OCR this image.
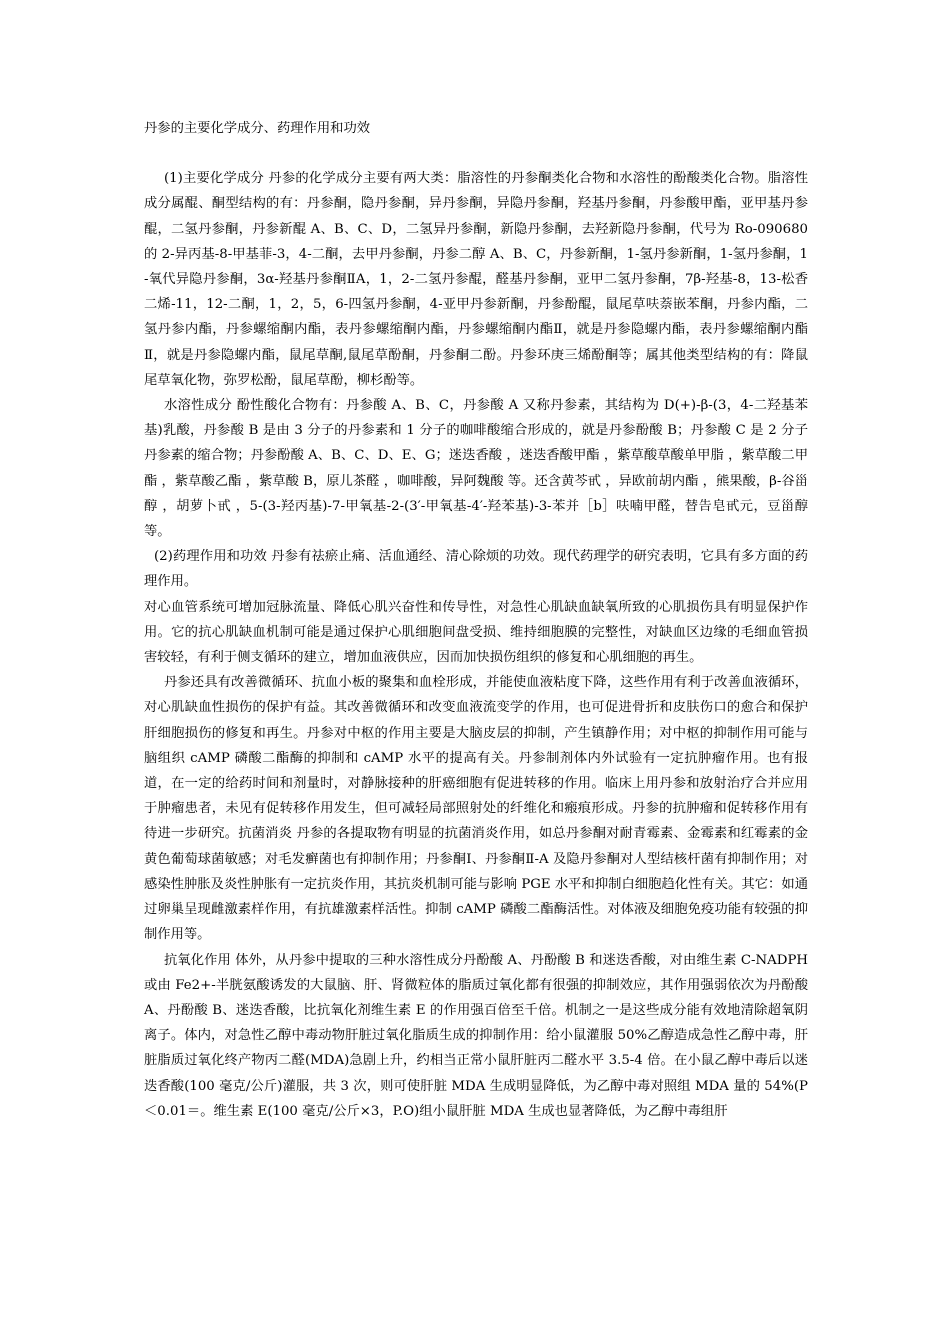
丹参的主要化学成分、药理作用和功效

(1)主要化学成分 丹参的化学成分主要有两大类：脂溶性的丹参酮类化合物和水溶性的酚酸类化合物。脂溶性成分属醌、酮型结构的有：丹参酮，隐丹参酮，异丹参酮，异隐丹参酮，羟基丹参酮，丹参酸甲酯，亚甲基丹参醌，二氢丹参酮，丹参新醌 A、B、C、D，二氢异丹参酮，新隐丹参酮，去羟新隐丹参酮，代号为 Ro-090680 的 2-异丙基-8-甲基菲-3，4-二酮，去甲丹参酮，丹参二醇 A、B、C，丹参新酮，1-氢丹参新酮，1-氢丹参酮，1-氧代异隐丹参酮，3α-羟基丹参酮ⅡA，1，2-二氢丹参醌，醛基丹参酮，亚甲二氢丹参酮，7β-羟基-8，13-松香二烯-11，12-二酮，1，2，5，6-四氢丹参酮，4-亚甲丹参新酮，丹参酚醌，鼠尾草呋萘嵌苯酮，丹参内酯，二氢丹参内酯，丹参螺缩酮内酯，表丹参螺缩酮内酯，丹参螺缩酮内酯Ⅱ，就是丹参隐螺内酯，表丹参螺缩酮内酯Ⅱ，就是丹参隐螺内酯，鼠尾草酮,鼠尾草酚酮，丹参酮二酚。丹参环庚三烯酚酮等；属其他类型结构的有：降鼠尾草氧化物，弥罗松酚，鼠尾草酚，柳杉酚等。

水溶性成分 酚性酸化合物有：丹参酸 A、B、C，丹参酸 A 又称丹参素，其结构为 D(+)-β-(3，4-二羟基苯基)乳酸，丹参酸 B 是由 3 分子的丹参素和 1 分子的咖啡酸缩合形成的，就是丹参酚酸 B；丹参酸 C 是 2 分子丹参素的缩合物；丹参酚酸 A、B、C、D、E、G；迷迭香酸 ，迷迭香酸甲酯 ，紫草酸草酸单甲脂 ，紫草酸二甲酯 ，紫草酸乙酯 ，紫草酸 B，原儿茶醛 ，咖啡酸，异阿魏酸 等。还含黄芩甙 ，异欧前胡内酯 ，熊果酸，β-谷甾醇 ，胡萝卜甙 ，5-(3-羟丙基)-7-甲氧基-2-(3′-甲氧基-4′-羟苯基)-3-苯并［b］呋喃甲醛，替告皂甙元，豆甾醇等。

(2)药理作用和功效 丹参有祛瘀止痛、活血通经、清心除烦的功效。现代药理学的研究表明，它具有多方面的药理作用。

对心血管系统可增加冠脉流量、降低心肌兴奋性和传导性，对急性心肌缺血缺氧所致的心肌损伤具有明显保护作用。它的抗心肌缺血机制可能是通过保护心肌细胞间盘受损、维持细胞膜的完整性，对缺血区边缘的毛细血管损害较轻，有利于侧支循环的建立，增加血液供应，因而加快损伤组织的修复和心肌细胞的再生。

丹参还具有改善微循环、抗血小板的聚集和血栓形成，并能使血液粘度下降，这些作用有利于改善血液循环，对心肌缺血性损伤的保护有益。其改善微循环和改变血液流变学的作用，也可促进骨折和皮肤伤口的愈合和保护肝细胞损伤的修复和再生。丹参对中枢的作用主要是大脑皮层的抑制，产生镇静作用；对中枢的抑制作用可能与脑组织 cAMP 磷酸二酯酶的抑制和 cAMP 水平的提高有关。丹参制剂体内外试验有一定抗肿瘤作用。也有报道，在一定的给药时间和剂量时，对静脉接种的肝癌细胞有促进转移的作用。临床上用丹参和放射治疗合并应用于肿瘤患者，未见有促转移作用发生，但可减轻局部照射处的纤维化和瘢痕形成。丹参的抗肿瘤和促转移作用有待进一步研究。抗菌消炎 丹参的各提取物有明显的抗菌消炎作用，如总丹参酮对耐青霉素、金霉素和红霉素的金黄色葡萄球菌敏感；对毛发癣菌也有抑制作用；丹参酮Ⅰ、丹参酮Ⅱ-A 及隐丹参酮对人型结核杆菌有抑制作用；对感染性肿胀及炎性肿胀有一定抗炎作用，其抗炎机制可能与影响 PGE 水平和抑制白细胞趋化性有关。其它：如通过卵巢呈现雌激素样作用，有抗雄激素样活性。抑制 cAMP 磷酸二酯酶活性。对体液及细胞免疫功能有较强的抑制作用等。

抗氧化作用 体外，从丹参中提取的三种水溶性成分丹酚酸 A、丹酚酸 B 和迷迭香酸，对由维生素 C-NADPH 或由 Fe2+-半胱氨酸诱发的大鼠脑、肝、肾微粒体的脂质过氧化都有很强的抑制效应，其作用强弱依次为丹酚酸 A、丹酚酸 B、迷迭香酸，比抗氧化剂维生素 E 的作用强百倍至千倍。机制之一是这些成分能有效地清除超氧阴离子。体内，对急性乙醇中毒动物肝脏过氧化脂质生成的抑制作用：给小鼠灌服 50%乙醇造成急性乙醇中毒，肝脏脂质过氧化终产物丙二醛(MDA)急剧上升，约相当正常小鼠肝脏丙二醛水平 3.5-4 倍。在小鼠乙醇中毒后以迷迭香酸(100 毫克/公斤)灌服，共 3 次，则可使肝脏 MDA 生成明显降低，为乙醇中毒对照组 MDA 量的 54%(P＜0.01＝。维生素 E(100 毫克/公斤×3，P.O)组小鼠肝脏 MDA 生成也显著降低，为乙醇中毒组肝
